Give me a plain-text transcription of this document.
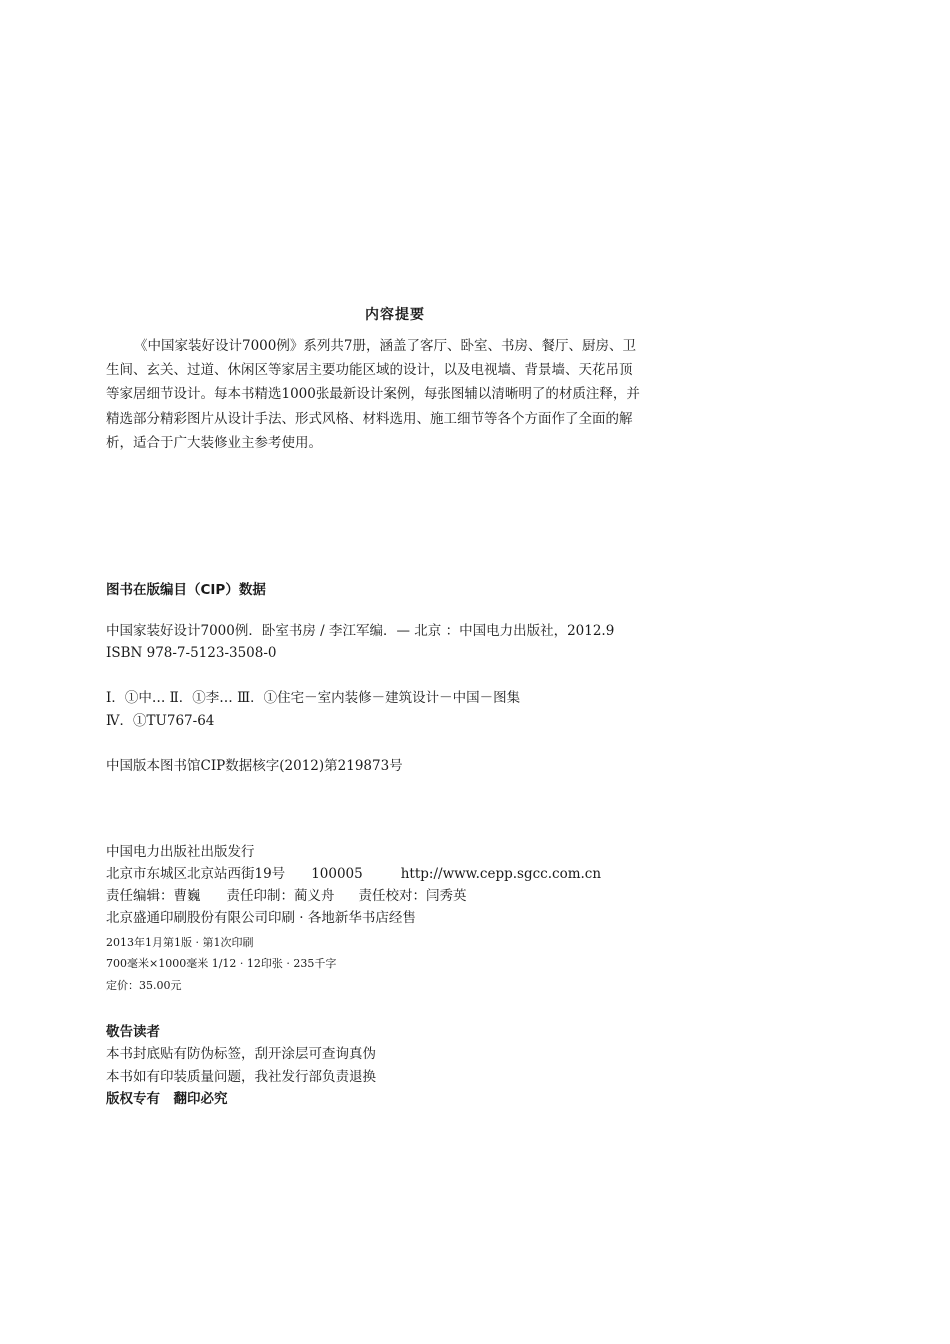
内容提要
《中国家装好设计7000例》系列共7册，涵盖了客厅、卧室、书房、餐厅、厨房、卫
生间、玄关、过道、休闲区等家居主要功能区域的设计，以及电视墙、背景墙、天花吊顶
等家居细节设计。每本书精选1000张最新设计案例，每张图辅以清晰明了的材质注释，并
精选部分精彩图片从设计手法、形式风格、材料选用、施工细节等各个方面作了全面的解
析，适合于广大装修业主参考使用。
图书在版编目（CIP）数据
中国家装好设计7000例．卧室书房 / 李江军编．— 北京 ：中国电力出版社，2012.9
ISBN 978-7-5123-3508-0
Ⅰ．①中… Ⅱ．①李… Ⅲ．①住宅－室内装修－建筑设计－中国－图集
Ⅳ．①TU767-64
中国版本图书馆CIP数据核字(2012)第219873号
中国电力出版社出版发行
北京市东城区北京站西街19号 100005	http://www.cepp.sgcc.com.cn
责任编辑：曹巍 责任印制：蔺义舟 责任校对：闫秀英
北京盛通印刷股份有限公司印刷 · 各地新华书店经售
2013年1月第1版 · 第1次印刷
700毫米×1000毫米 1/12 · 12印张 · 235千字
定价：35.00元
敬告读者
本书封底贴有防伪标签，刮开涂层可查询真伪
本书如有印装质量问题，我社发行部负责退换
版权专有　翻印必究
